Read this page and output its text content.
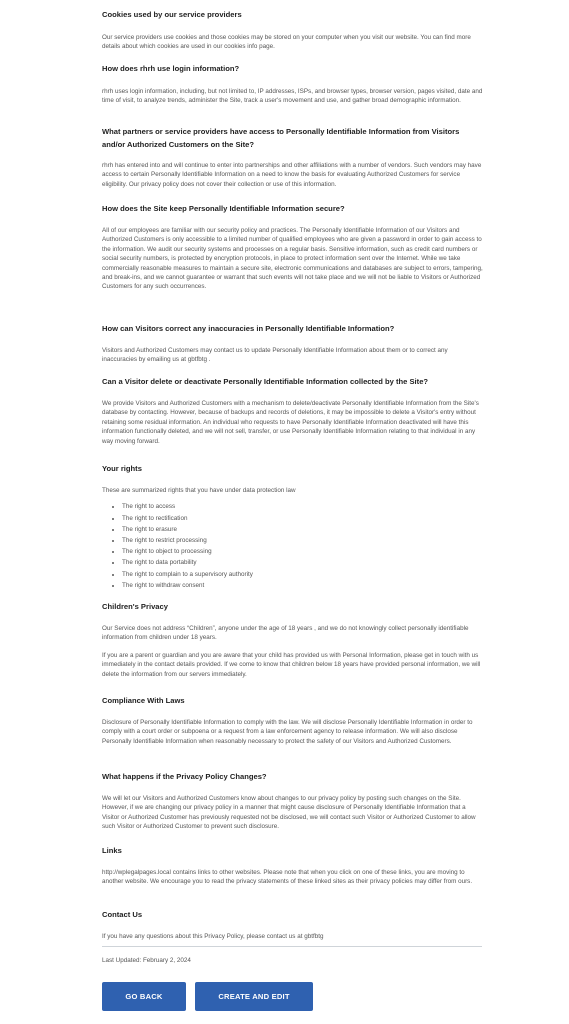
Cookies used by our service providers

Our service providers use cookies and those cookies may be stored on your computer when you visit our website. You can find more details about which cookies are used in our cookies info page.

How does rhrh use login information?

rhrh uses login information, including, but not limited to, IP addresses, ISPs, and browser types, browser version, pages visited, date and time of visit, to analyze trends, administer the Site, track a user's movement and use, and gather broad demographic information.

What partners or service providers have access to Personally Identifiable Information from Visitors and/or Authorized Customers on the Site?

rhrh has entered into and will continue to enter into partnerships and other affiliations with a number of vendors. Such vendors may have access to certain Personally Identifiable Information on a need to know the basis for evaluating Authorized Customers for service eligibility. Our privacy policy does not cover their collection or use of this information.

How does the Site keep Personally Identifiable Information secure?

All of our employees are familiar with our security policy and practices. The Personally Identifiable Information of our Visitors and Authorized Customers is only accessible to a limited number of qualified employees who are given a password in order to gain access to the information. We audit our security systems and processes on a regular basis. Sensitive information, such as credit card numbers or social security numbers, is protected by encryption protocols, in place to protect information sent over the Internet. While we take commercially reasonable measures to maintain a secure site, electronic communications and databases are subject to errors, tampering, and break-ins, and we cannot guarantee or warrant that such events will not take place and we will not be liable to Visitors or Authorized Customers for any such occurrences.

How can Visitors correct any inaccuracies in Personally Identifiable Information?

Visitors and Authorized Customers may contact us to update Personally Identifiable Information about them or to correct any inaccuracies by emailing us at gbtfbtg .

Can a Visitor delete or deactivate Personally Identifiable Information collected by the Site?

We provide Visitors and Authorized Customers with a mechanism to delete/deactivate Personally Identifiable Information from the Site's database by contacting. However, because of backups and records of deletions, it may be impossible to delete a Visitor's entry without retaining some residual information. An individual who requests to have Personally Identifiable Information deactivated will have this information functionally deleted, and we will not sell, transfer, or use Personally Identifiable Information relating to that individual in any way moving forward.

Your rights

These are summarized rights that you have under data protection law

• The right to access
• The right to rectification
• The right to erasure
• The right to restrict processing
• The right to object to processing
• The right to data portability
• The right to complain to a supervisory authority
• The right to withdraw consent
Children's Privacy

Our Service does not address “Children”, anyone under the age of 18 years , and we do not knowingly collect personally identifiable information from children under 18 years.

If you are a parent or guardian and you are aware that your child has provided us with Personal Information, please get in touch with us immediately in the contact details provided. If we come to know that children below 18 years have provided personal information, we will delete the information from our servers immediately.

Compliance With Laws

Disclosure of Personally Identifiable Information to comply with the law. We will disclose Personally Identifiable Information in order to comply with a court order or subpoena or a request from a law enforcement agency to release information. We will also disclose Personally Identifiable Information when reasonably necessary to protect the safety of our Visitors and Authorized Customers.

What happens if the Privacy Policy Changes?

We will let our Visitors and Authorized Customers know about changes to our privacy policy by posting such changes on the Site. However, if we are changing our privacy policy in a manner that might cause disclosure of Personally Identifiable Information that a Visitor or Authorized Customer has previously requested not be disclosed, we will contact such Visitor or Authorized Customer to allow such Visitor or Authorized Customer to prevent such disclosure.

Links

http://wplegalpages.local contains links to other websites. Please note that when you click on one of these links, you are moving to another website. We encourage you to read the privacy statements of these linked sites as their privacy policies may differ from ours.

Contact Us

If you have any questions about this Privacy Policy, please contact us at gbtfbtg

Last Updated: February 2, 2024
GO BACK	CREATE AND EDIT
